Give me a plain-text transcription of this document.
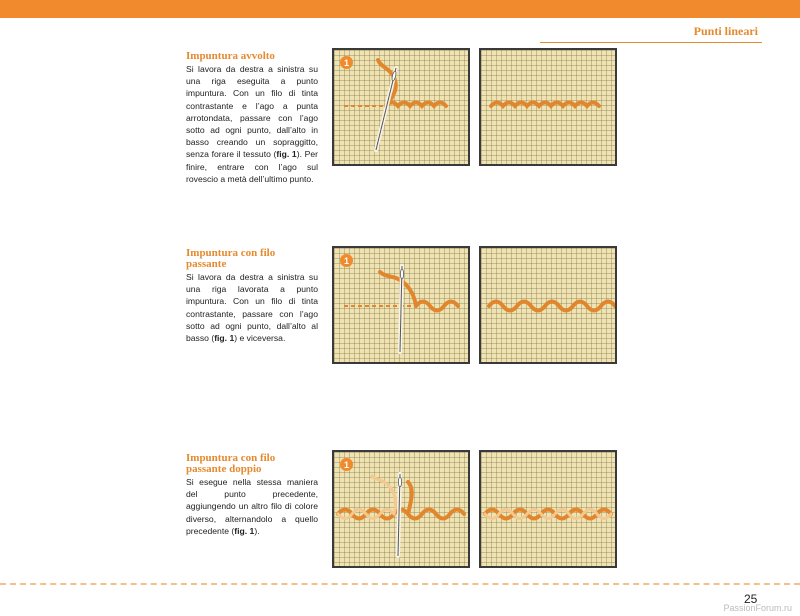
Punti lineari
Impuntura avvolto

Si lavora da destra a sinistra su una riga eseguita a punto impuntura. Con un filo di tinta contrastante e l’ago a punta arrotondata, passare con l’ago sotto ad ogni punto, dall’alto in basso creando un sopraggitto, senza forare il tessuto (fig. 1). Per finire, entrare con l’ago sul rovescio a metà dell’ultimo punto.

1
Impuntura con filo passante

Si lavora da destra a sinistra su una riga lavorata a punto impuntura. Con un filo di tinta contrastante, passare con l’ago sotto ad ogni punto, dall’alto al basso (fig. 1) e viceversa.

1
Impuntura con filo passante doppio

Si esegue nella stessa maniera del punto precedente, aggiungendo un altro filo di colore diverso, alternandolo a quello precedente (fig. 1).

1
25
PassionForum.ru
